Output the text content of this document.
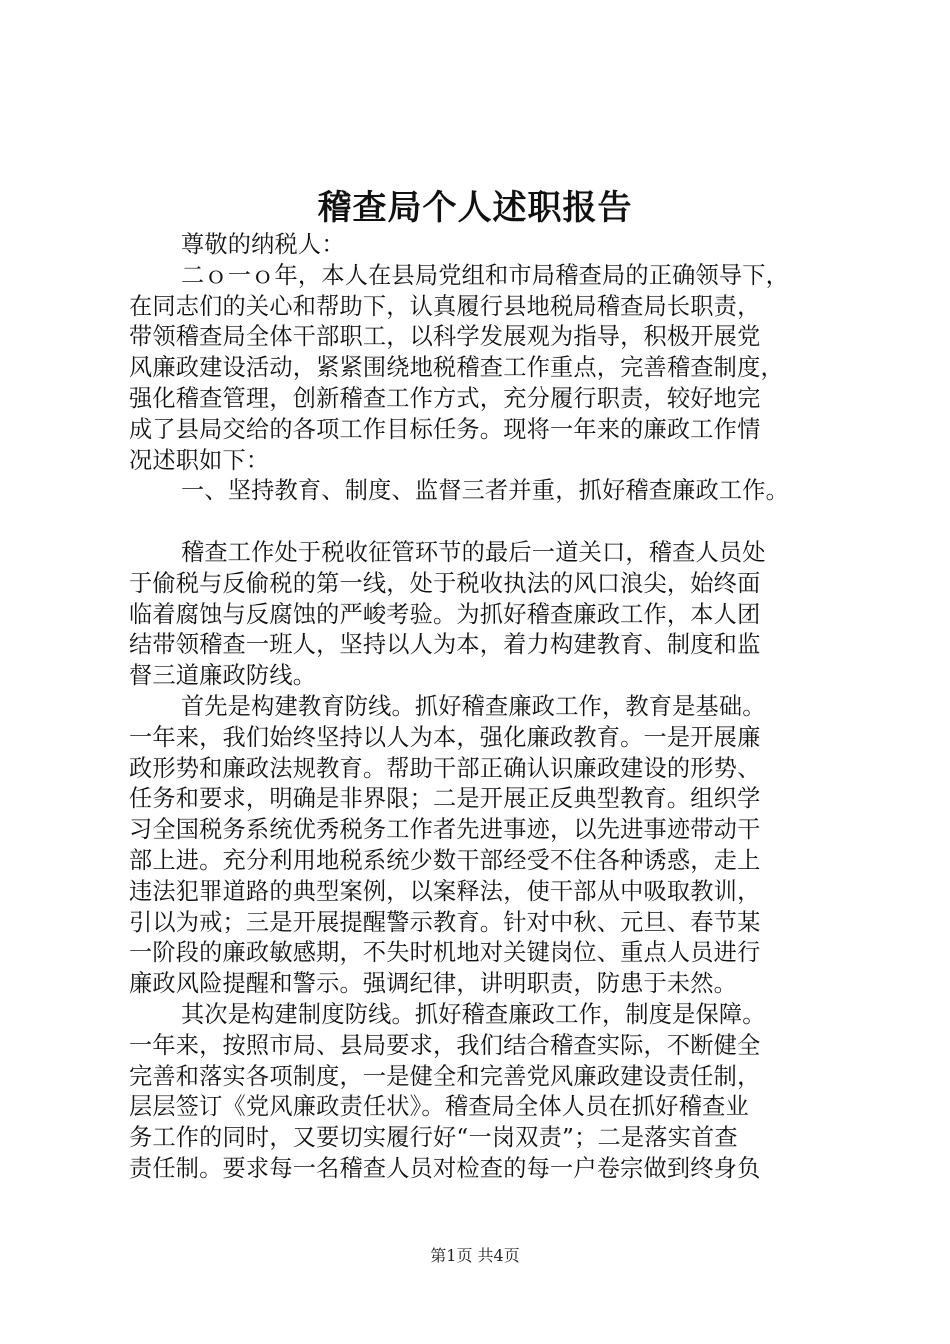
稽查局个人述职报告
尊敬的纳税人：
二ｏ一ｏ年，本人在县局党组和市局稽查局的正确领导下，
在同志们的关心和帮助下，认真履行县地税局稽查局长职责，
带领稽查局全体干部职工，以科学发展观为指导，积极开展党
风廉政建设活动，紧紧围绕地税稽查工作重点，完善稽查制度，
强化稽查管理，创新稽查工作方式，充分履行职责，较好地完
成了县局交给的各项工作目标任务。现将一年来的廉政工作情
况述职如下：
一、坚持教育、制度、监督三者并重，抓好稽查廉政工作。
稽查工作处于税收征管环节的最后一道关口，稽查人员处
于偷税与反偷税的第一线，处于税收执法的风口浪尖，始终面
临着腐蚀与反腐蚀的严峻考验。为抓好稽查廉政工作，本人团
结带领稽查一班人，坚持以人为本，着力构建教育、制度和监
督三道廉政防线。
首先是构建教育防线。抓好稽查廉政工作，教育是基础。
一年来，我们始终坚持以人为本，强化廉政教育。一是开展廉
政形势和廉政法规教育。帮助干部正确认识廉政建设的形势、
任务和要求，明确是非界限；二是开展正反典型教育。组织学
习全国税务系统优秀税务工作者先进事迹，以先进事迹带动干
部上进。充分利用地税系统少数干部经受不住各种诱惑，走上
违法犯罪道路的典型案例，以案释法，使干部从中吸取教训，
引以为戒；三是开展提醒警示教育。针对中秋、元旦、春节某
一阶段的廉政敏感期，不失时机地对关键岗位、重点人员进行
廉政风险提醒和警示。强调纪律，讲明职责，防患于未然。
其次是构建制度防线。抓好稽查廉政工作，制度是保障。
一年来，按照市局、县局要求，我们结合稽查实际，不断健全
完善和落实各项制度，一是健全和完善党风廉政建设责任制，
层层签订《党风廉政责任状》。稽查局全体人员在抓好稽查业
务工作的同时，又要切实履行好“一岗双责”；二是落实首查
责任制。要求每一名稽查人员对检查的每一户卷宗做到终身负
第1页 共4页
